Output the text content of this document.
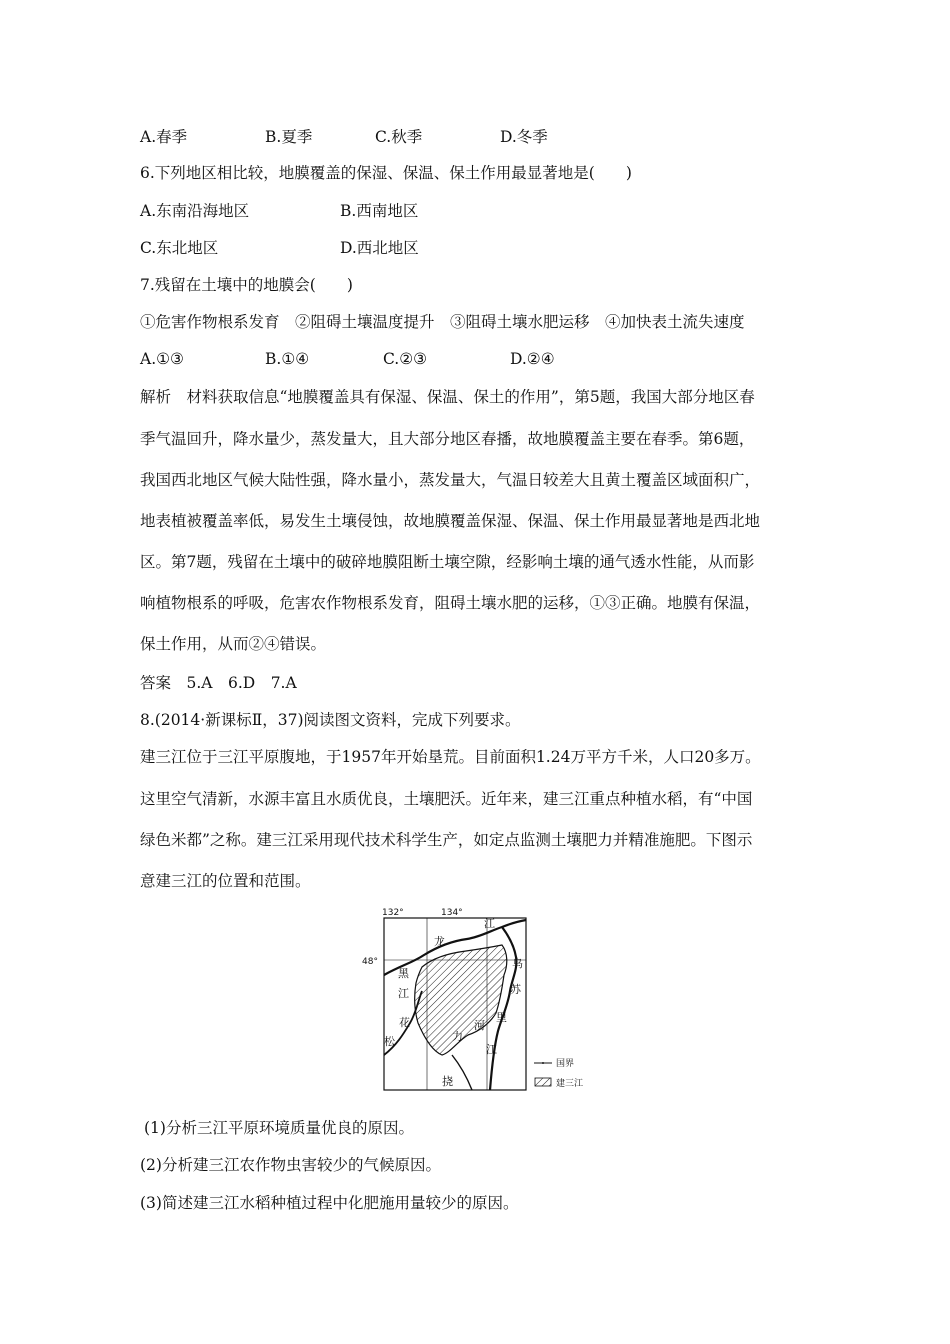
A.春季	B.夏季	C.秋季	D.冬季
6.下列地区相比较，地膜覆盖的保湿、保温、保土作用最显著地是(　　)
A.东南沿海地区	B.西南地区
C.东北地区	D.西北地区
7.残留在土壤中的地膜会(　　)
①危害作物根系发育　②阻碍土壤温度提升　③阻碍土壤水肥运移　④加快表土流失速度
A.①③	B.①④	C.②③	D.②④
解析　材料获取信息“地膜覆盖具有保湿、保温、保土的作用”，第5题，我国大部分地区春
季气温回升，降水量少，蒸发量大，且大部分地区春播，故地膜覆盖主要在春季。第6题，
我国西北地区气候大陆性强，降水量小，蒸发量大，气温日较差大且黄土覆盖区域面积广，
地表植被覆盖率低，易发生土壤侵蚀，故地膜覆盖保湿、保温、保土作用最显著地是西北地
区。第7题，残留在土壤中的破碎地膜阻断土壤空隙，经影响土壤的通气透水性能，从而影
响植物根系的呼吸，危害农作物根系发育，阻碍土壤水肥的运移，①③正确。地膜有保温，
保土作用，从而②④错误。
答案　5.A　6.D　7.A
8.(2014·新课标Ⅱ，37)阅读图文资料，完成下列要求。
建三江位于三江平原腹地，于1957年开始垦荒。目前面积1.24万平方千米，人口20多万。
这里空气清新，水源丰富且水质优良，土壤肥沃。近年来，建三江重点种植水稻，有“中国
绿色米都”之称。建三江采用现代技术科学生产，如定点监测土壤肥力并精准施肥。下图示
意建三江的位置和范围。
132°	134°
48°
龙
江
黑
江
乌
苏
里
江
松
花
力
挠
河
国界
建三江
(1)分析三江平原环境质量优良的原因。
(2)分析建三江农作物虫害较少的气候原因。
(3)简述建三江水稻种植过程中化肥施用量较少的原因。
